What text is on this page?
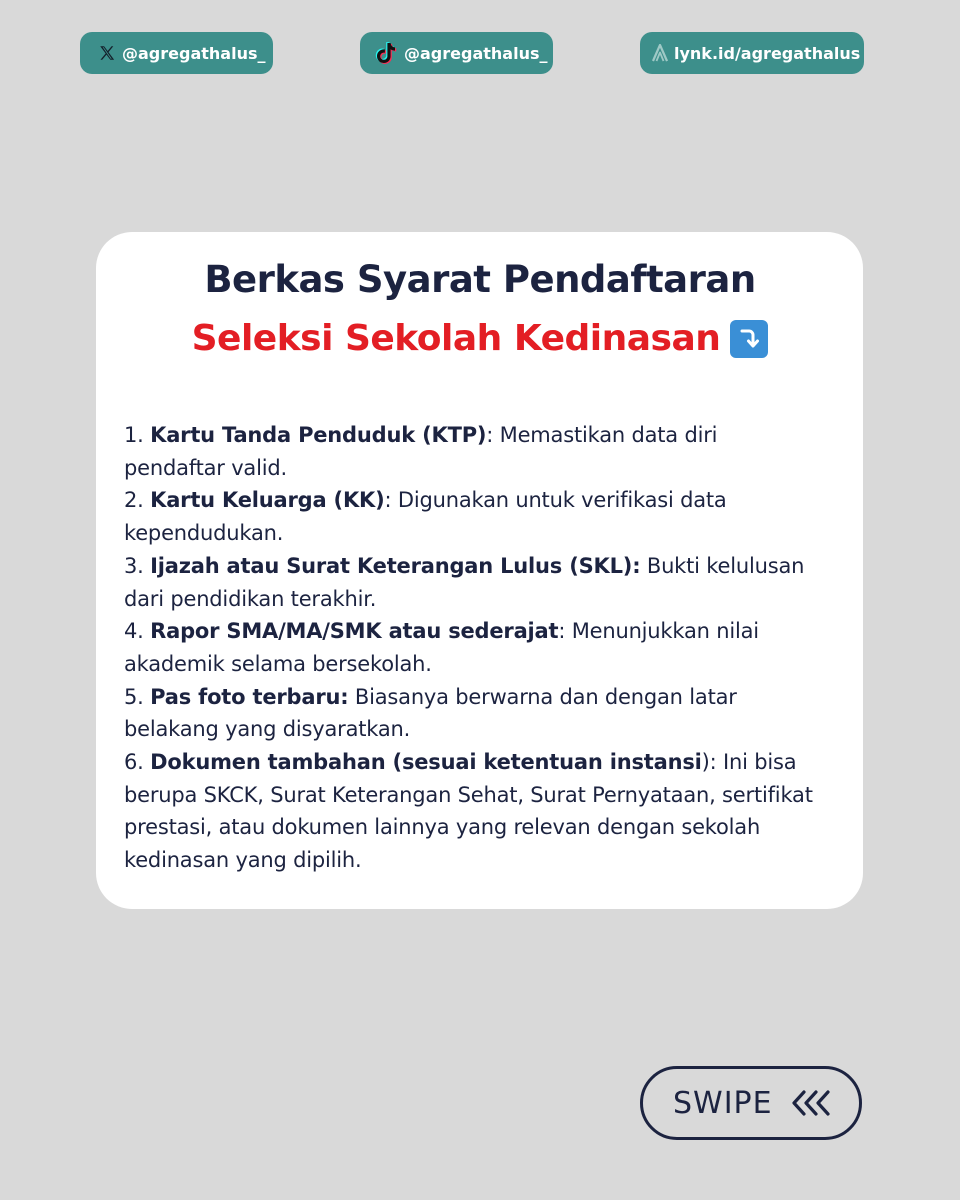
@agregathalus_	@agregathalus_	lynk.id/agregathalus
Berkas Syarat Pendaftaran
Seleksi Sekolah Kedinasan

1. Kartu Tanda Penduduk (KTP): Memastikan data diri pendaftar valid.

2. Kartu Keluarga (KK): Digunakan untuk verifikasi data kependudukan.

3. Ijazah atau Surat Keterangan Lulus (SKL): Bukti kelulusan dari pendidikan terakhir.

4. Rapor SMA/MA/SMK atau sederajat: Menunjukkan nilai akademik selama bersekolah.

5. Pas foto terbaru: Biasanya berwarna dan dengan latar belakang yang disyaratkan.

6. Dokumen tambahan (sesuai ketentuan instansi): Ini bisa berupa SKCK, Surat Keterangan Sehat, Surat Pernyataan, sertifikat prestasi, atau dokumen lainnya yang relevan dengan sekolah kedinasan yang dipilih.

SWIPE
